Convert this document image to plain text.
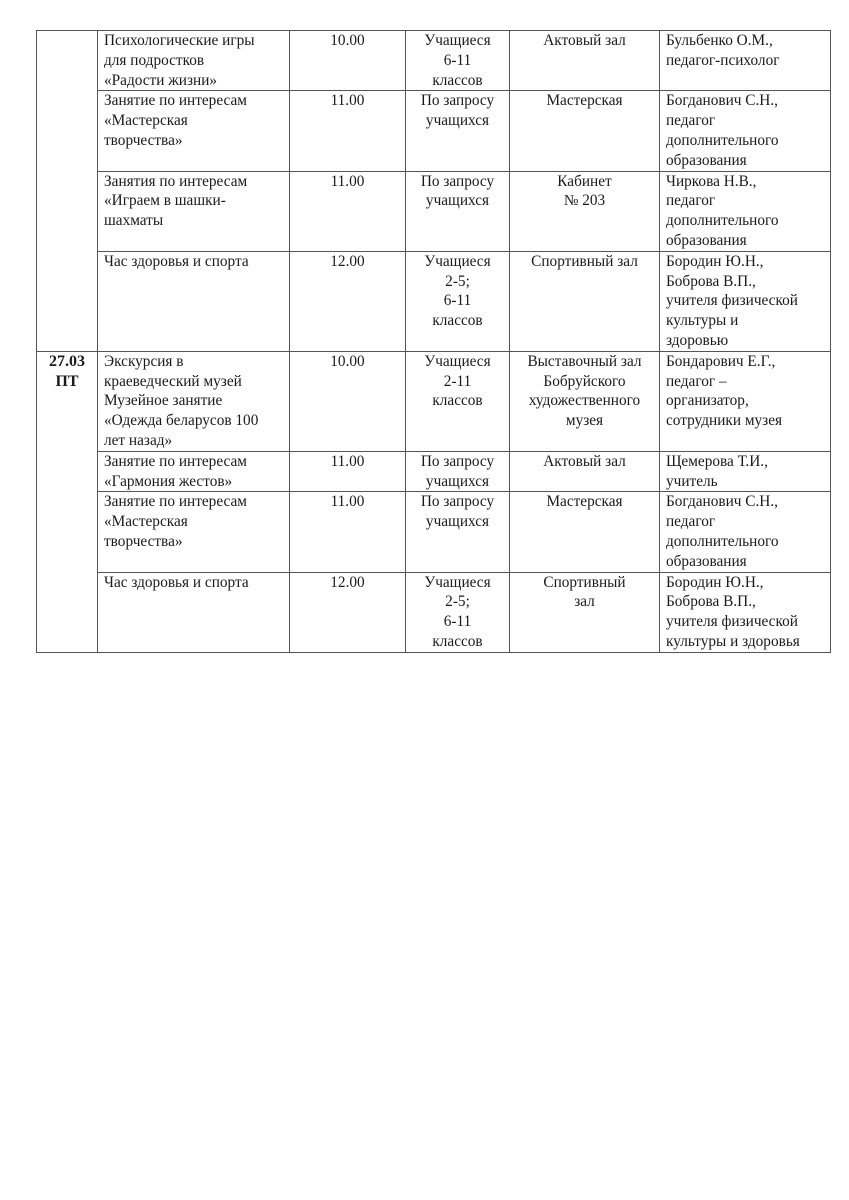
	Психологические игры
для подростков
«Радости жизни»	10.00	Учащиеся
6-11
классов	Актовый зал	Бульбенко О.М.,
педагог-психолог

	Занятие по интересам
«Мастерская
творчества»	11.00	По запросу
учащихся	Мастерская	Богданович С.Н.,
педагог
дополнительного
образования

	Занятия по интересам
«Играем в шашки-
шахматы	11.00	По запросу
учащихся	Кабинет
№ 203	Чиркова Н.В.,
педагог
дополнительного
образования

	Час здоровья и спорта	12.00	Учащиеся
2-5;
6-11
классов	Спортивный зал	Бородин Ю.Н.,
Боброва В.П.,
учителя физической
культуры и
здоровью

27.03
ПТ	Экскурсия в
краеведческий музей
Музейное занятие
«Одежда беларусов 100
лет назад»	10.00	Учащиеся
2-11
классов	Выставочный зал
Бобруйского
художественного
музея	Бондарович Е.Г.,
педагог –
организатор,
сотрудники музея

	Занятие по интересам
«Гармония жестов»	11.00	По запросу
учащихся	Актовый зал	Щемерова Т.И.,
учитель

	Занятие по интересам
«Мастерская
творчества»	11.00	По запросу
учащихся	Мастерская	Богданович С.Н.,
педагог
дополнительного
образования

	Час здоровья и спорта	12.00	Учащиеся
2-5;
6-11
классов	Спортивный
зал	Бородин Ю.Н.,
Боброва В.П.,
учителя физической
культуры и здоровья
